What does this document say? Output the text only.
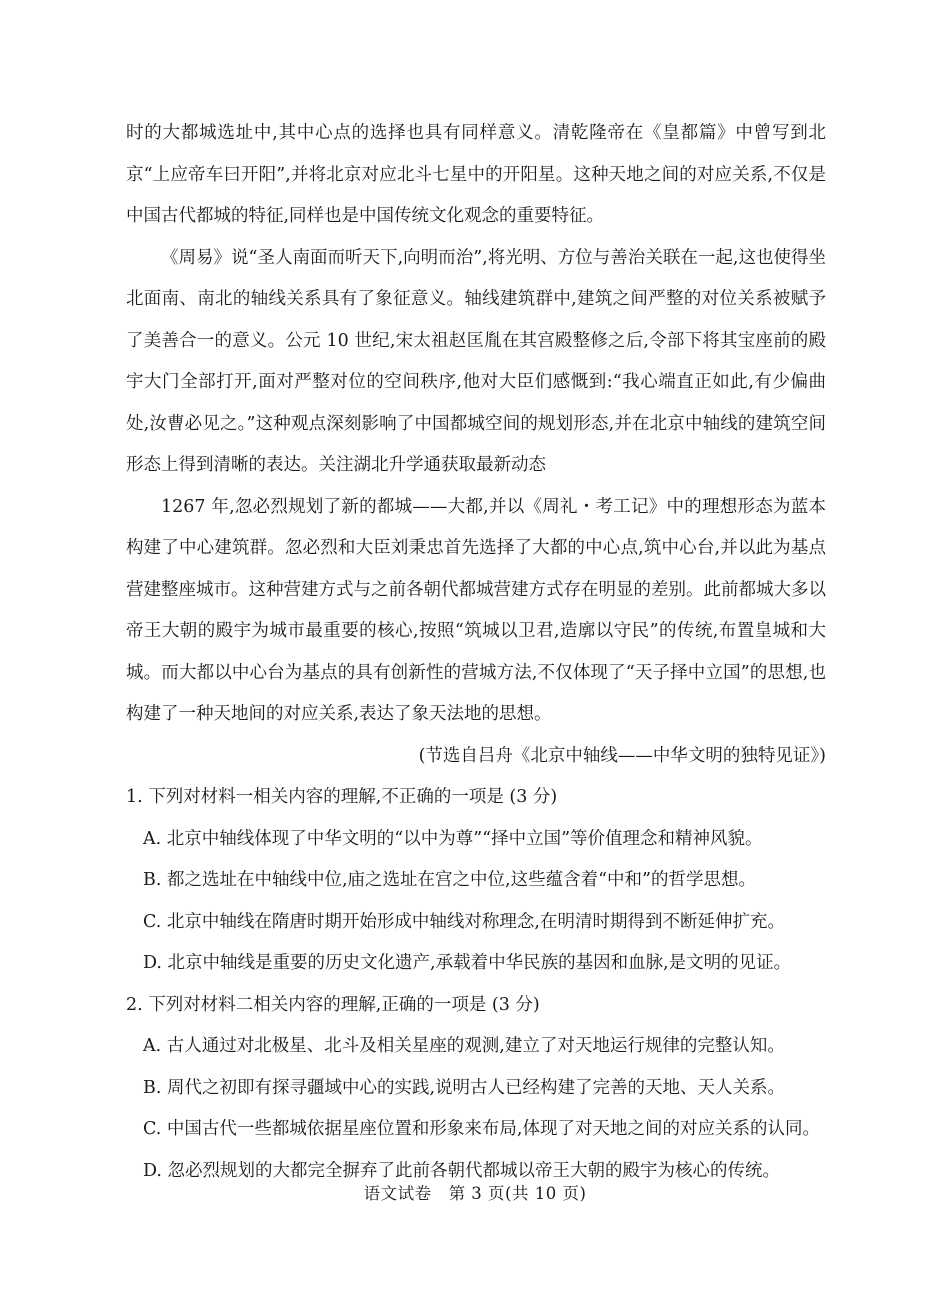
时的大都城选址中,其中心点的选择也具有同样意义。清乾隆帝在《皇都篇》中曾写到北京“上应帝车曰开阳”,并将北京对应北斗七星中的开阳星。这种天地之间的对应关系,不仅是中国古代都城的特征,同样也是中国传统文化观念的重要特征。

《周易》说“圣人南面而听天下,向明而治”,将光明、方位与善治关联在一起,这也使得坐北面南、南北的轴线关系具有了象征意义。轴线建筑群中,建筑之间严整的对位关系被赋予了美善合一的意义。公元 10 世纪,宋太祖赵匡胤在其宫殿整修之后,令部下将其宝座前的殿宇大门全部打开,面对严整对位的空间秩序,他对大臣们感慨到:“我心端直正如此,有少偏曲处,汝曹必见之。”这种观点深刻影响了中国都城空间的规划形态,并在北京中轴线的建筑空间形态上得到清晰的表达。关注湖北升学通获取最新动态

1267 年,忽必烈规划了新的都城——大都,并以《周礼・考工记》中的理想形态为蓝本构建了中心建筑群。忽必烈和大臣刘秉忠首先选择了大都的中心点,筑中心台,并以此为基点营建整座城市。这种营建方式与之前各朝代都城营建方式存在明显的差别。此前都城大多以帝王大朝的殿宇为城市最重要的核心,按照“筑城以卫君,造廓以守民”的传统,布置皇城和大城。而大都以中心台为基点的具有创新性的营城方法,不仅体现了“天子择中立国”的思想,也构建了一种天地间的对应关系,表达了象天法地的思想。

(节选自吕舟《北京中轴线——中华文明的独特见证》)

1. 下列对材料一相关内容的理解,不正确的一项是 (3 分)

A. 北京中轴线体现了中华文明的“以中为尊”“择中立国”等价值理念和精神风貌。

B. 都之选址在中轴线中位,庙之选址在宫之中位,这些蕴含着“中和”的哲学思想。

C. 北京中轴线在隋唐时期开始形成中轴线对称理念,在明清时期得到不断延伸扩充。

D. 北京中轴线是重要的历史文化遗产,承载着中华民族的基因和血脉,是文明的见证。

2. 下列对材料二相关内容的理解,正确的一项是 (3 分)

A. 古人通过对北极星、北斗及相关星座的观测,建立了对天地运行规律的完整认知。

B. 周代之初即有探寻疆域中心的实践,说明古人已经构建了完善的天地、天人关系。

C. 中国古代一些都城依据星座位置和形象来布局,体现了对天地之间的对应关系的认同。

D. 忽必烈规划的大都完全摒弃了此前各朝代都城以帝王大朝的殿宇为核心的传统。

语文试卷　第 3 页(共 10 页)
